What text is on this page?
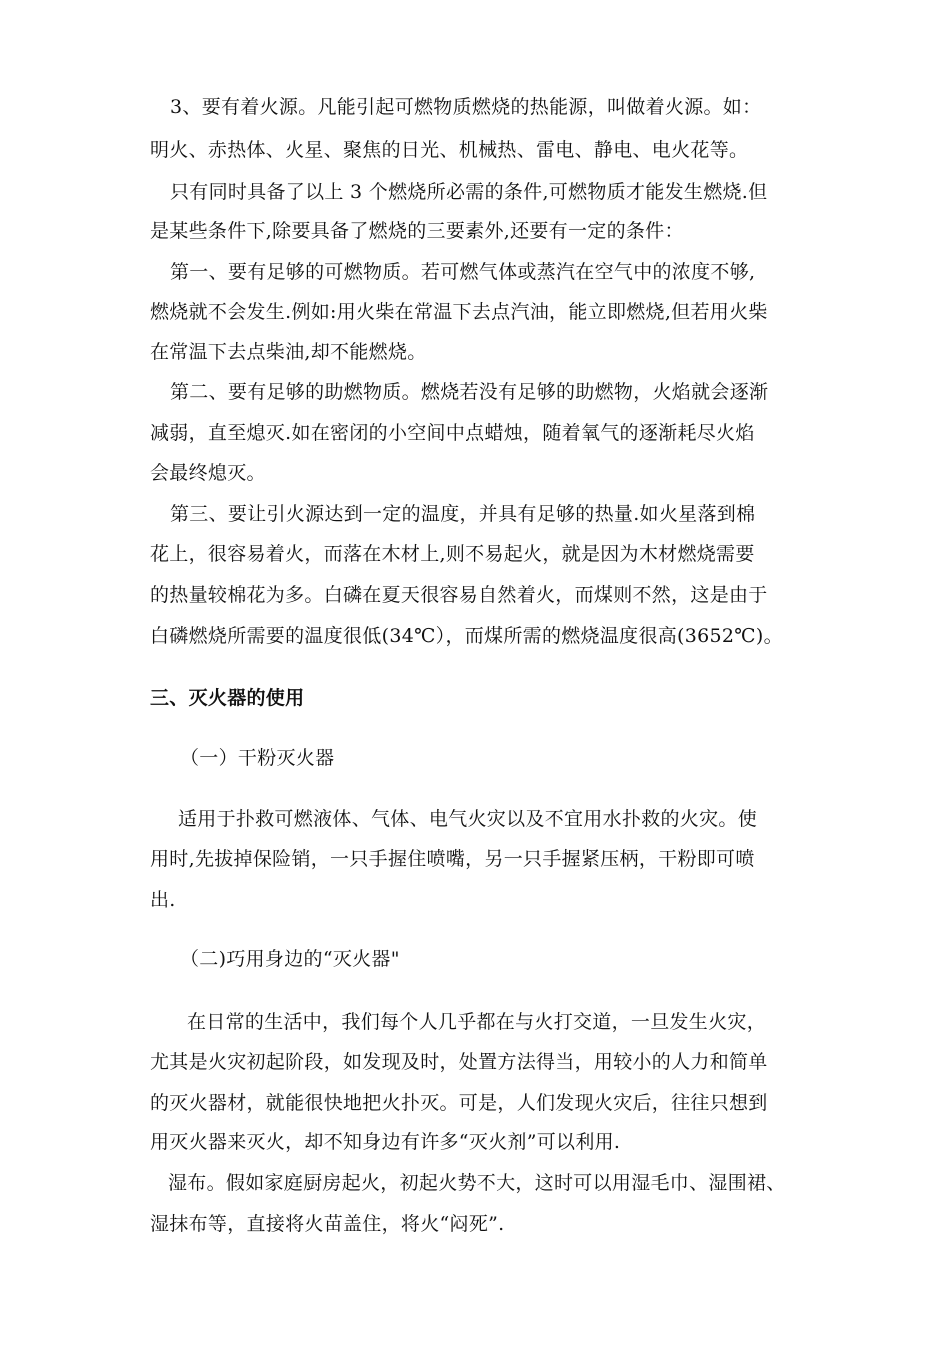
3、要有着火源。凡能引起可燃物质燃烧的热能源，叫做着火源。如：
明火、赤热体、火星、聚焦的日光、机械热、雷电、静电、电火花等。
只有同时具备了以上 3 个燃烧所必需的条件,可燃物质才能发生燃烧.但
是某些条件下,除要具备了燃烧的三要素外,还要有一定的条件：
第一、要有足够的可燃物质。若可燃气体或蒸汽在空气中的浓度不够,
燃烧就不会发生.例如:用火柴在常温下去点汽油，能立即燃烧,但若用火柴
在常温下去点柴油,却不能燃烧。
第二、要有足够的助燃物质。燃烧若没有足够的助燃物，火焰就会逐渐
减弱，直至熄灭.如在密闭的小空间中点蜡烛，随着氧气的逐渐耗尽火焰
会最终熄灭。
第三、要让引火源达到一定的温度，并具有足够的热量.如火星落到棉
花上，很容易着火，而落在木材上,则不易起火，就是因为木材燃烧需要
的热量较棉花为多。白磷在夏天很容易自然着火，而煤则不然，这是由于
白磷燃烧所需要的温度很低(34℃），而煤所需的燃烧温度很高(3652℃)。
三、灭火器的使用
（一）干粉灭火器
适用于扑救可燃液体、气体、电气火灾以及不宜用水扑救的火灾。使
用时,先拔掉保险销，一只手握住喷嘴，另一只手握紧压柄，干粉即可喷
出.
（二)巧用身边的“灭火器"
在日常的生活中，我们每个人几乎都在与火打交道，一旦发生火灾，
尤其是火灾初起阶段，如发现及时，处置方法得当，用较小的人力和简单
的灭火器材，就能很快地把火扑灭。可是，人们发现火灾后，往往只想到
用灭火器来灭火，却不知身边有许多“灭火剂”可以利用.
湿布。假如家庭厨房起火，初起火势不大，这时可以用湿毛巾、湿围裙、
湿抹布等，直接将火苗盖住，将火“闷死”.
